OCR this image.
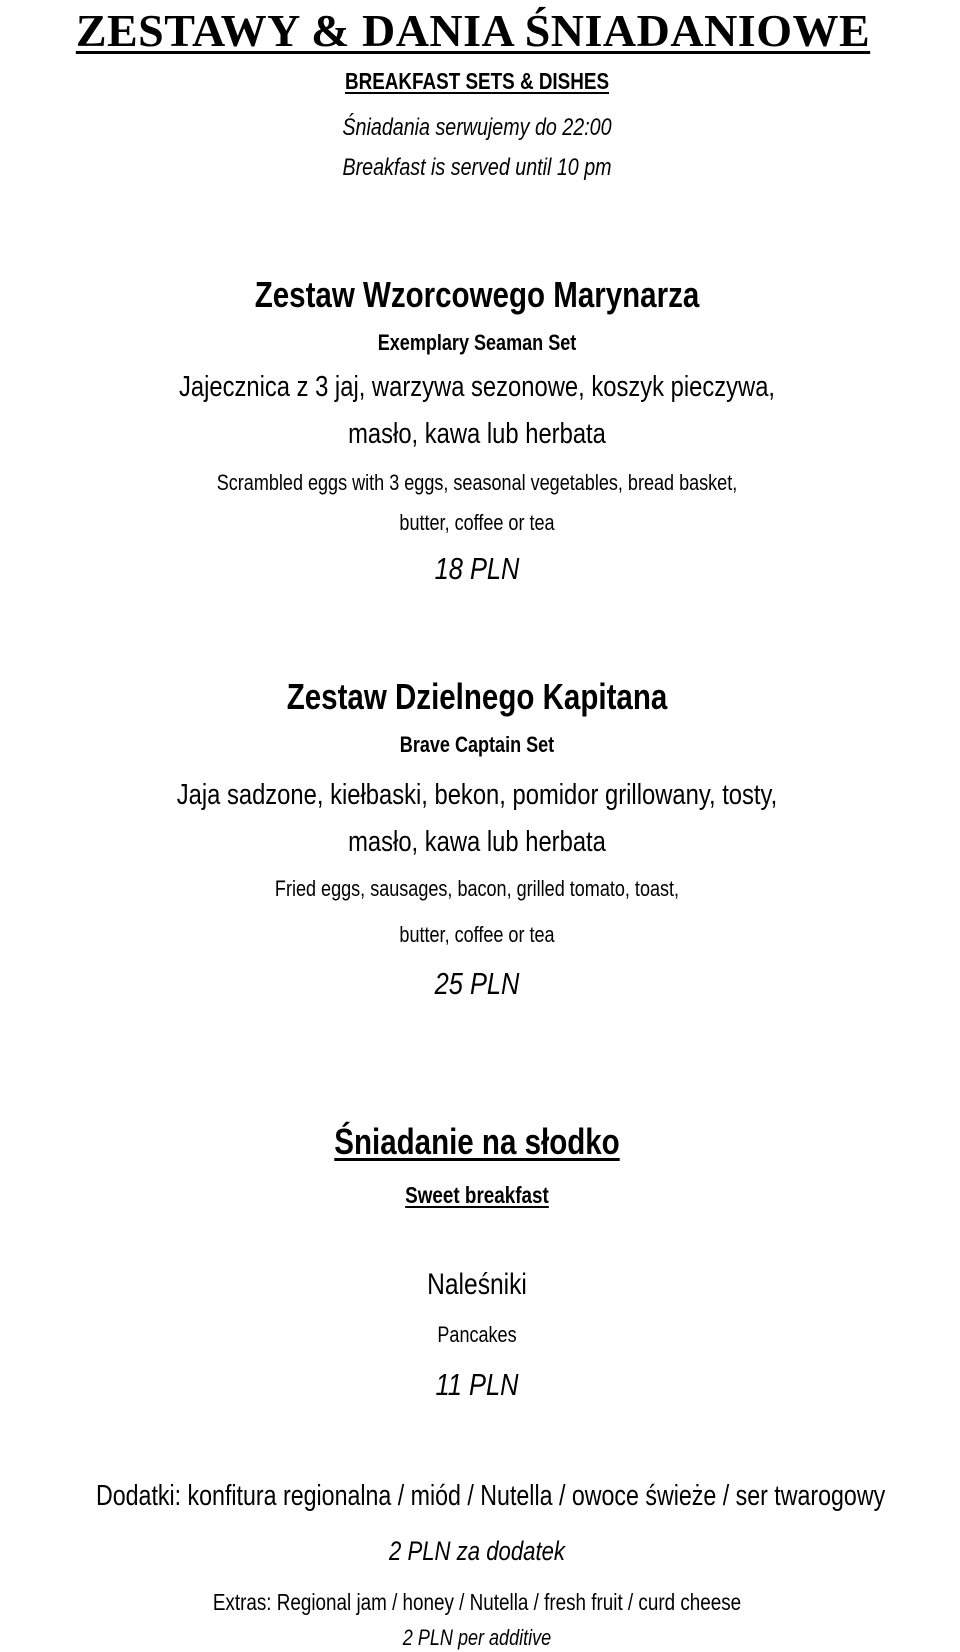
ZESTAWY & DANIA ŚNIADANIOWE
BREAKFAST SETS & DISHES
Śniadania serwujemy do 22:00
Breakfast is served until 10 pm
Zestaw Wzorcowego Marynarza
Exemplary Seaman Set
Jajecznica z 3 jaj, warzywa sezonowe, koszyk pieczywa,
masło, kawa lub herbata
Scrambled eggs with 3 eggs, seasonal vegetables, bread basket,
butter, coffee or tea
18 PLN
Zestaw Dzielnego Kapitana
Brave Captain Set
Jaja sadzone, kiełbaski, bekon, pomidor grillowany, tosty,
masło, kawa lub herbata
Fried eggs, sausages, bacon, grilled tomato, toast,
butter, coffee or tea
25 PLN
Śniadanie na słodko
Sweet breakfast
Naleśniki
Pancakes
11 PLN
Dodatki: konfitura regionalna / miód / Nutella / owoce świeże / ser twarogowy
2 PLN za dodatek
Extras: Regional jam / honey / Nutella / fresh fruit / curd cheese
2 PLN per additive
